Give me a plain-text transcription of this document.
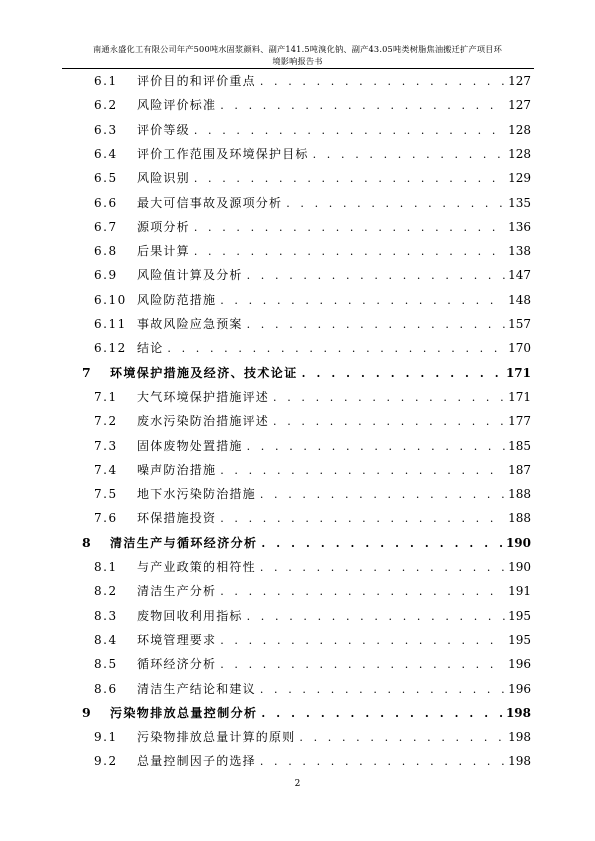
南通永盛化工有限公司年产500吨水固浆颜料、副产141.5吨溴化钠、副产43.05吨类树脂焦油搬迁扩产项目环
境影响报告书
6.1	评价目的和评价重点 . . .	127
6.2	风险评价标准 . . .	127
6.3	评价等级 . . .	128
6.4	评价工作范围及环境保护目标 . . .	128
6.5	风险识别 . . .	129
6.6	最大可信事故及源项分析 . . .	135
6.7	源项分析 . . .	136
6.8	后果计算 . . .	138
6.9	风险值计算及分析 . . .	147
6.10 风险防范措施 . . .	148
6.11 事故风险应急预案 . . .	157
6.12 结论 . . .	170
7	环境保护措施及经济、技术论证 . . .	171
7.1	大气环境保护措施评述 . . .	171
7.2	废水污染防治措施评述 . . .	177
7.3	固体废物处置措施 . . .	185
7.4	噪声防治措施 . . .	187
7.5	地下水污染防治措施 . . .	188
7.6	环保措施投资 . . .	188
8	清洁生产与循环经济分析 . . .	190
8.1	与产业政策的相符性 . . .	190
8.2	清洁生产分析 . . .	191
8.3	废物回收利用指标 . . .	195
8.4	环境管理要求 . . .	195
8.5	循环经济分析 . . .	196
8.6	清洁生产结论和建议 . . .	196
9	污染物排放总量控制分析 . . .	198
9.1	污染物排放总量计算的原则 . . .	198
9.2	总量控制因子的选择 . . .	198
2
